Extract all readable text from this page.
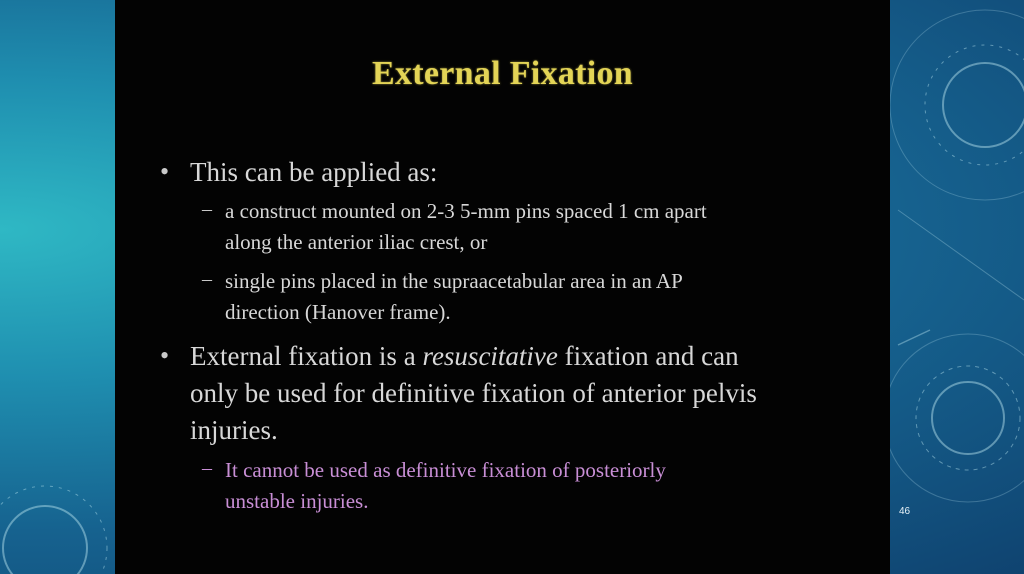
External Fixation
• This can be applied as:
– a construct mounted on 2-3 5-mm pins spaced 1 cm apart
along the anterior iliac crest, or
– single pins placed in the supraacetabular area in an AP
direction (Hanover frame).
• External fixation is a resuscitative fixation and can
only be used for definitive fixation of anterior pelvis
injuries.
– It cannot be used as definitive fixation of posteriorly
unstable injuries.	46
